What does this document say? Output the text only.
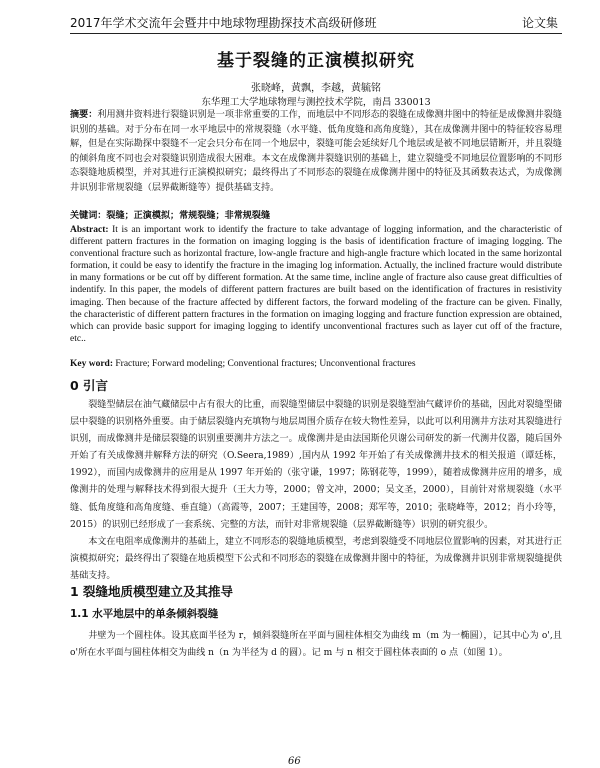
2017年学术交流年会暨井中地球物理勘探技术高级研修班	论文集
基于裂缝的正演模拟研究
张晓峰，黄飘，李越，黄毓铭
东华理工大学地球物理与测控技术学院，南昌 330013
摘要：利用测井资料进行裂缝识别是一项非常重要的工作，而地层中不同形态的裂缝在成像测井图中的特征是成像测井裂缝识别的基础。对于分布在同一水平地层中的常规裂缝（水平缝、低角度缝和高角度缝），其在成像测井图中的特征较容易理解，但是在实际勘探中裂缝不一定会只分布在同一个地层中，裂缝可能会延续好几个地层或是被不同地层错断开，并且裂缝的倾斜角度不同也会对裂缝识别造成很大困难。本文在成像测井裂缝识别的基础上，建立裂缝受不同地层位置影响的不同形态裂缝地质模型，并对其进行正演模拟研究；最终得出了不同形态的裂缝在成像测井图中的特征及其函数表达式，为成像测井识别非常规裂缝（层界截断缝等）提供基础支持。
关键词：裂缝；正演模拟；常规裂缝；非常规裂缝
Abstract: It is an important work to identify the fracture to take advantage of logging information, and the characteristic of different pattern fractures in the formation on imaging logging is the basis of identification fracture of imaging logging. The conventional fracture such as horizontal fracture, low-angle fracture and high-angle fracture which located in the same horizontal formation, it could be easy to identify the fracture in the imaging log information. Actually, the inclined fracture would distribute in many formations or be cut off by different formation. At the same time, incline angle of fracture also cause great difficulties of indentify. In this paper, the models of different pattern fractures are built based on the identification of fractures in resistivity imaging. Then because of the fracture affected by different factors, the forward modeling of the fracture can be given. Finally, the characteristic of different pattern fractures in the formation on imaging logging and fracture function expression are obtained, which can provide basic support for imaging logging to identify unconventional fractures such as layer cut off of the fracture, etc..
Key word: Fracture; Forward modeling; Conventional fractures; Unconventional fractures
0 引言

裂缝型储层在油气藏储层中占有很大的比重，而裂缝型储层中裂缝的识别是裂缝型油气藏评价的基础，因此对裂缝型储层中裂缝的识别格外重要。由于储层裂缝内充填物与地层周围介质存在较大物性差异，以此可以利用测井方法对其裂缝进行识别，而成像测井是储层裂缝的识别重要测井方法之一。成像测井是由法国斯伦贝谢公司研发的新一代测井仪器，随后国外开始了有关成像测井解释方法的研究（O.Seera,1989）,国内从 1992 年开始了有关成像测井技术的相关报道（谭廷栋，1992），而国内成像测井的应用是从 1997 年开始的（张守谦，1997；陈钢花等，1999），随着成像测井应用的增多，成像测井的处理与解释技术得到很大提升（王大力等，2000；曾文冲，2000；吴文圣，2000），目前针对常规裂缝（水平缝、低角度缝和高角度缝、垂直缝）（高霞等，2007；王建国等，2008；郑军等，2010；张晓峰等，2012；肖小玲等，2015）的识别已经形成了一套系统、完整的方法，而针对非常规裂缝（层界截断缝等）识别的研究很少。

本文在电阻率成像测井的基础上，建立不同形态的裂缝地质模型，考虑到裂缝受不同地层位置影响的因素，对其进行正演模拟研究；最终得出了裂缝在地质模型下公式和不同形态的裂缝在成像测井图中的特征，为成像测井识别非常规裂缝提供基础支持。

1 裂缝地质模型建立及其推导
1.1 水平地层中的单条倾斜裂缝

井壁为一个圆柱体。设其底面半径为 r，倾斜裂缝所在平面与圆柱体相交为曲线 m（m 为一椭圆），记其中心为 o',且 o'所在水平面与圆柱体相交为曲线 n（n 为半径为 d 的圆）。记 m 与 n 相交于圆柱体表面的 o 点（如图 1）。

66
